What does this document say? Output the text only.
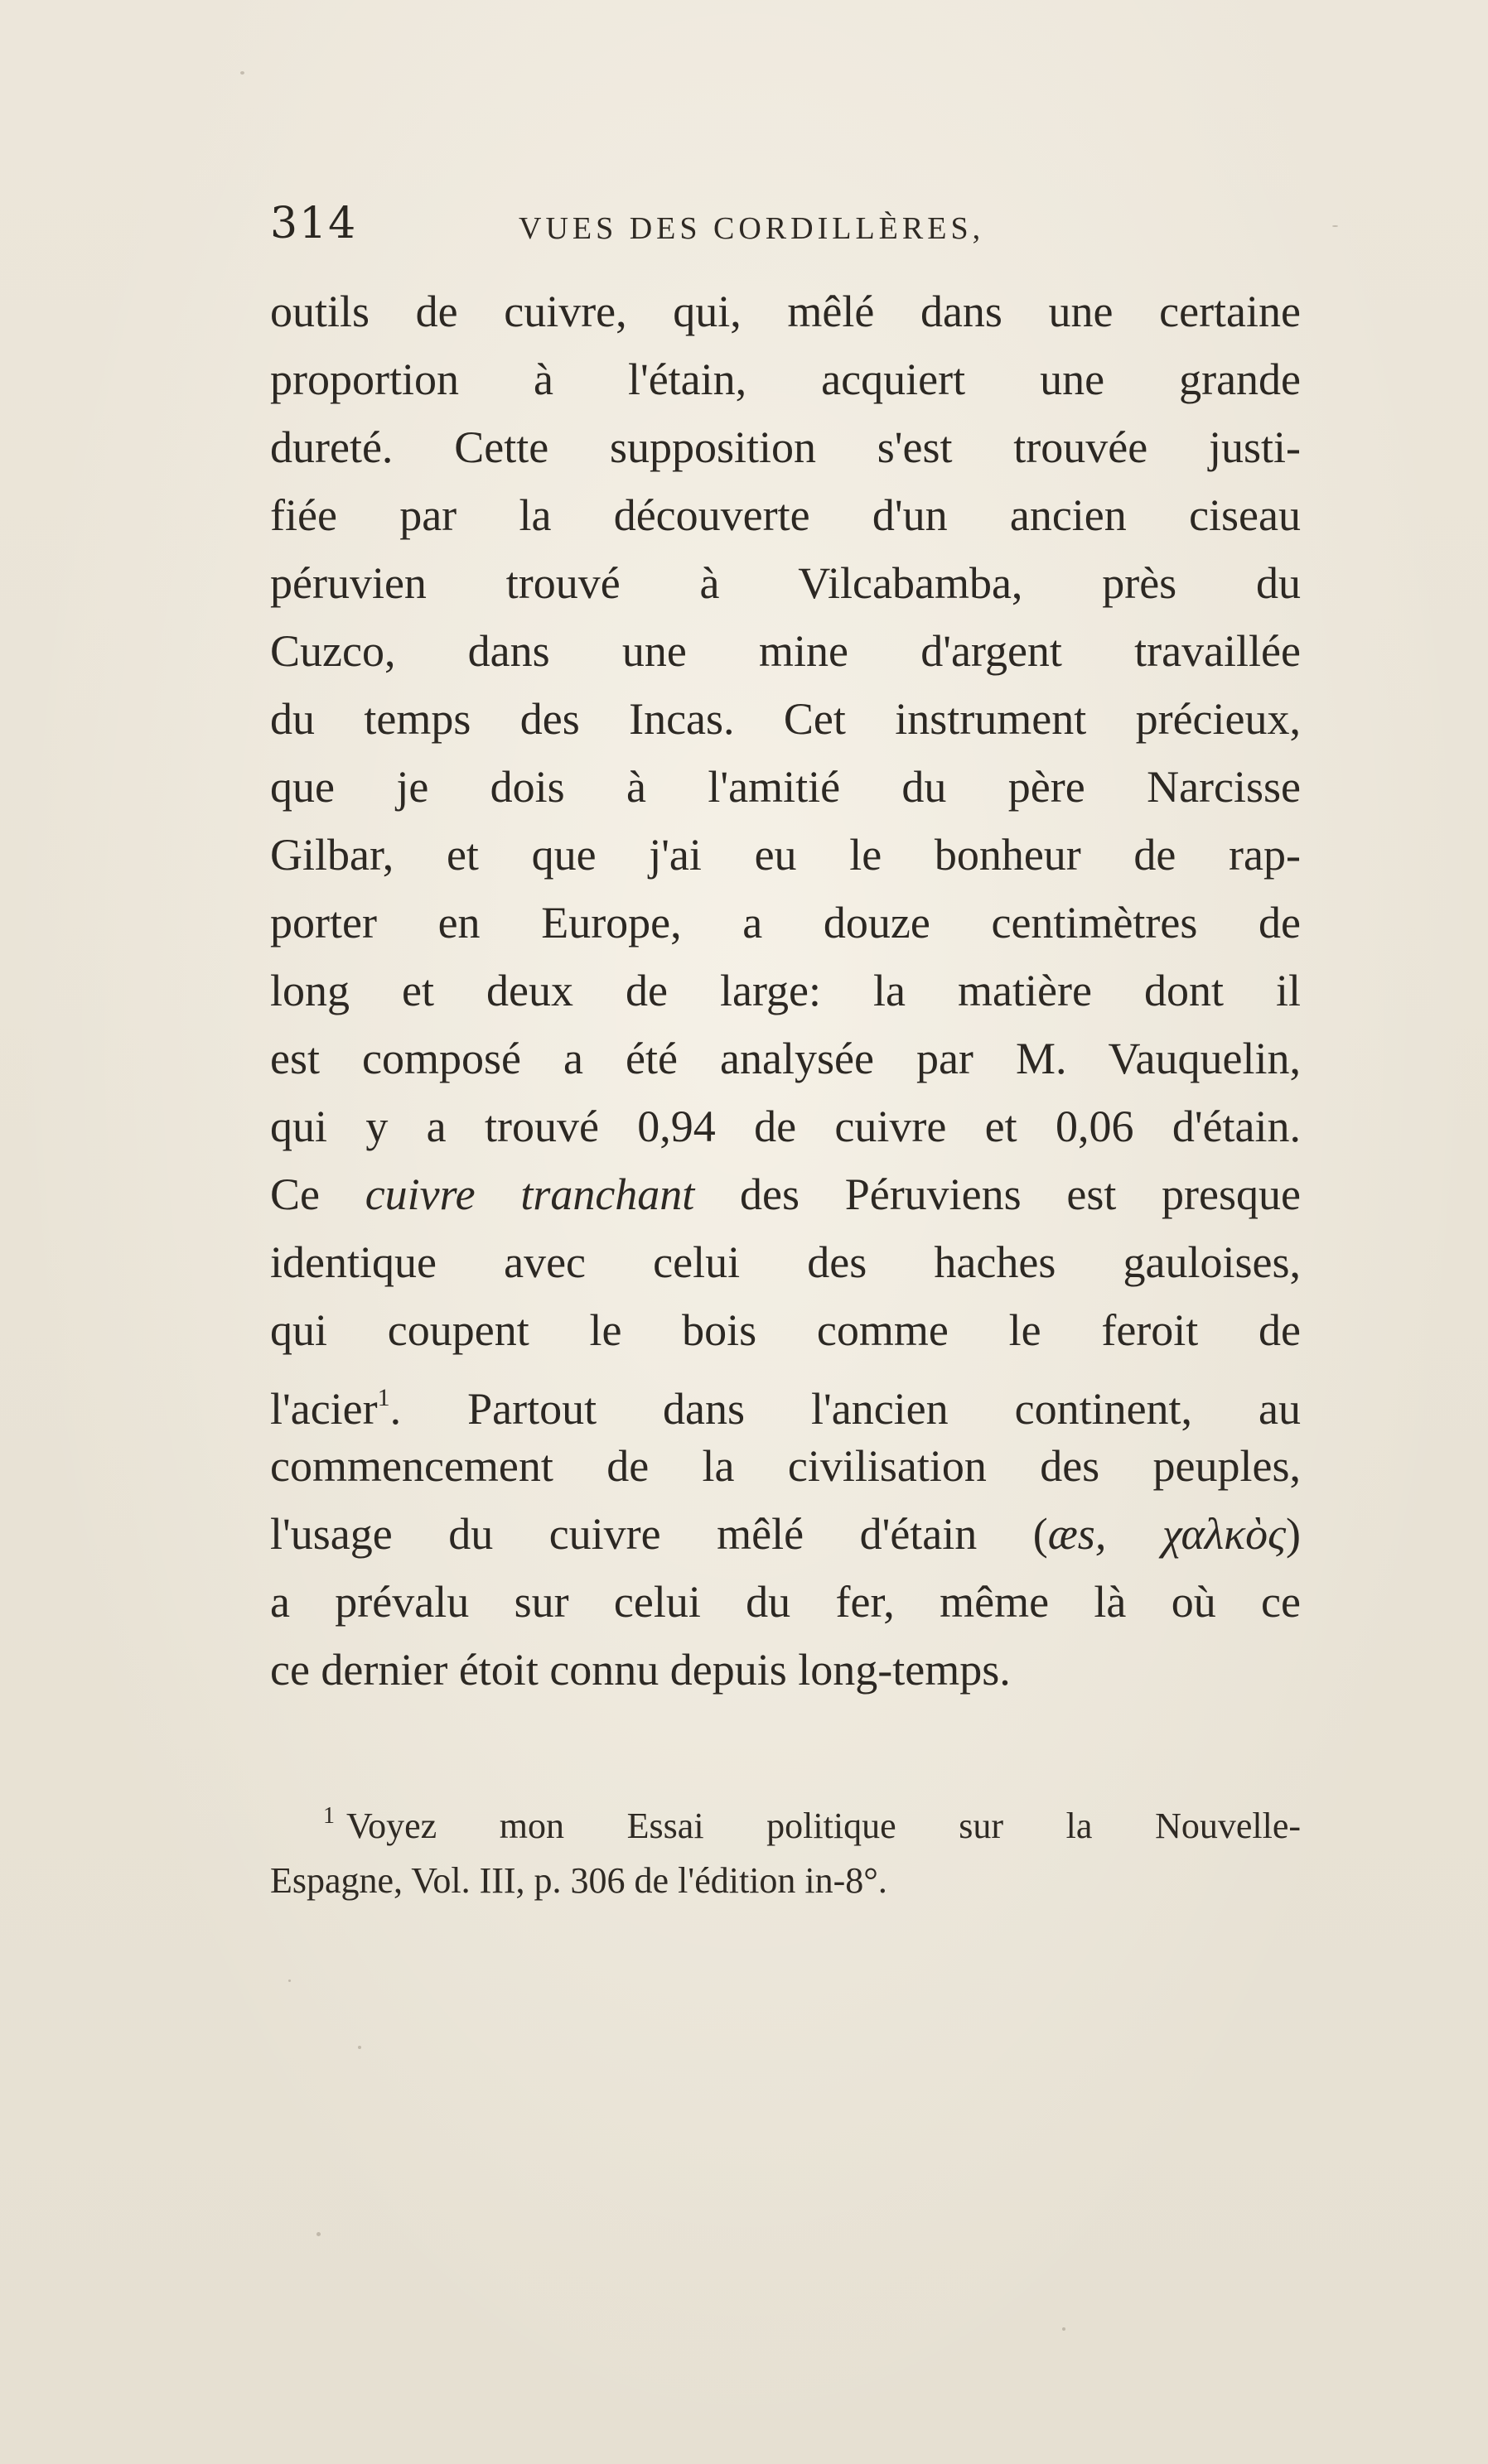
314	VUES DES CORDILLÈRES,
outils de cuivre, qui, mêlé dans une certaine
proportion à l'étain, acquiert une grande
dureté. Cette supposition s'est trouvée justi-
fiée par la découverte d'un ancien ciseau
péruvien trouvé à Vilcabamba, près du
Cuzco, dans une mine d'argent travaillée
du temps des Incas. Cet instrument précieux,
que je dois à l'amitié du père Narcisse
Gilbar, et que j'ai eu le bonheur de rap-
porter en Europe, a douze centimètres de
long et deux de large: la matière dont il
est composé a été analysée par M. Vauquelin,
qui y a trouvé 0,94 de cuivre et 0,06 d'étain.
Ce cuivre tranchant des Péruviens est presque
identique avec celui des haches gauloises,
qui coupent le bois comme le feroit de
l'acier$^1$. Partout dans l'ancien continent, au
commencement de la civilisation des peuples,
l'usage du cuivre mêlé d'étain (æs, χαλκὸς)
a prévalu sur celui du fer, même là où ce
ce dernier étoit connu depuis long-temps.
$^1$ Voyez mon Essai politique sur la Nouvelle-
Espagne, Vol. III, p. 306 de l'édition in-8°.
